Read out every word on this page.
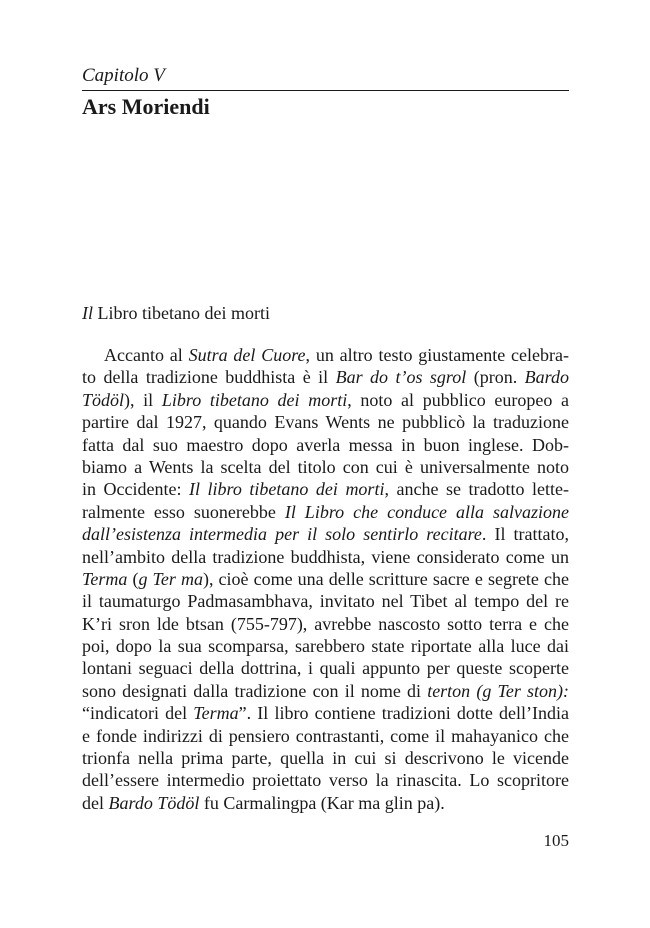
Capitolo V
Ars Moriendi
Il Libro tibetano dei morti
Accanto al Sutra del Cuore, un altro testo giustamente celebra-
to della tradizione buddhista è il Bar do t’os sgrol (pron. Bardo
Tödöl), il Libro tibetano dei morti, noto al pubblico europeo a
partire dal 1927, quando Evans Wents ne pubblicò la traduzione
fatta dal suo maestro dopo averla messa in buon inglese. Dob-
biamo a Wents la scelta del titolo con cui è universalmente noto
in Occidente: Il libro tibetano dei morti, anche se tradotto lette-
ralmente esso suonerebbe Il Libro che conduce alla salvazione
dall’esistenza intermedia per il solo sentirlo recitare. Il trattato,
nell’ambito della tradizione buddhista, viene considerato come un
Terma (g Ter ma), cioè come una delle scritture sacre e segrete che
il taumaturgo Padmasambhava, invitato nel Tibet al tempo del re
K’ri sron lde btsan (755-797), avrebbe nascosto sotto terra e che
poi, dopo la sua scomparsa, sarebbero state riportate alla luce dai
lontani seguaci della dottrina, i quali appunto per queste scoperte
sono designati dalla tradizione con il nome di terton (g Ter ston):
“indicatori del Terma”. Il libro contiene tradizioni dotte dell’India
e fonde indirizzi di pensiero contrastanti, come il mahayanico che
trionfa nella prima parte, quella in cui si descrivono le vicende
dell’essere intermedio proiettato verso la rinascita. Lo scopritore
del Bardo Tödöl fu Carmalingpa (Kar ma glin pa).
105
